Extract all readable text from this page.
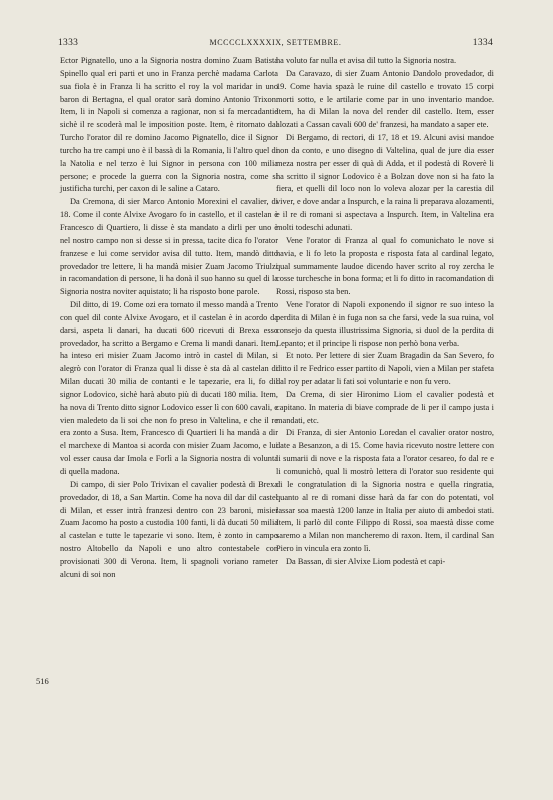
1333	MCCCCLXXXXIX, SETTEMBRE.	1334

Ector Pignatello, uno a la Signoria nostra domino Zuam Batista Spinello qual eri parti et uno in Franza perchè madama Carlota sua fiola è in Franza li ha scritto el roy la vol maridar in uno baron di Bertagna, el qual orator sarà domino Antonio Trixon. Item, li in Napoli si comenza a ragionar, non si fa mercadantie sichè il re scoderà mal le imposition poste. Item, è ritornato dal Turcho l'orator dil re domino Jacomo Pignatello, dice il Signor turcho ha tre campi uno è il bassà di la Romania, li l'altro quel di la Natolia e nel terzo è lui Signor in persona con 100 milia persone; e procede la guerra con la Signoria nostra, come si justificha turchi, per caxon di le saline a Cataro.

Da Cremona, di sier Marco Antonio Morexini el cavalier, di 18. Come il conte Alvixe Avogaro fo in castello, et il castelan è Francesco di Quartiero, li disse è sta mandato a dirli per uno è nel nostro campo non si desse si in pressa, tacite dica fo l'orator franzese e lui come servidor avisa dil tutto. Item, mandò ditto provedador tre lettere, li ha mandà misier Zuam Jacomo Triulzi in racomandation di persone, li ha donà il suo hanno su quel di la Signoria nostra noviter aquistato; li ha risposto bone parole.

Dil ditto, di 19. Come ozi era tornato il messo mandà a Trento con quel dil conte Alvixe Avogaro, et il castelan è in acordo da darsi, aspeta li danari, ha ducati 600 ricevuti di Brexa esso provedador, ha scritto a Bergamo e Crema li mandi danari. Item, ha inteso eri misier Zuam Jacomo intrò in castel di Milan, si alegrò con l'orator di Franza qual li disse è sta dà al castelan di Milan ducati 30 milia de contanti e le tapezarie, era li, fo dil signor Lodovico, sichè harà abuto più di ducati 180 milia. Item, ha nova di Trento ditto signor Lodovico esser lì con 600 cavali, e vien maledeto da li soi che non fo preso in Valtelina, e che il re era zonto a Susa. Item, Francesco di Quartieri li ha mandà a dir el marchexe di Mantoa si acorda con misier Zuam Jacomo, e lui vol esser causa dar Imola e Forlì a la Signoria nostra di volunta di quella madona.

Di campo, di sier Polo Trivixan el cavalier podestà di Brexa provedador, di 18, a San Martin. Come ha nova dil dar dil castel di Milan, et esser intrà franzesi dentro con 23 baroni, misier Zuam Jacomo ha posto a custodia 100 fanti, li dà ducati 50 milia al castelan e tutte le tapezarie vi sono. Item, è zonto in campo nostro Altobello da Napoli e uno altro contestabele con provisionati 300 di Verona. Item, li spagnoli voriano rameter alcuni di soi non

ha voluto far nulla et avisa dil tutto la Signoria nostra.

Da Caravazo, di sier Zuam Antonio Dandolo provedador, di 19. Come havia spazà le ruine dil castello e trovato 15 corpi morti sotto, e le artilarie come par in uno inventario mandoe. Item, ha di Milan la nova del render dil castello. Item, esser alozati a Cassan cavali 600 de' franzesi, ha mandato a saper ete.

Di Bergamo, di rectori, di 17, 18 et 19. Alcuni avisi mandoe non da conto, e uno disegno di Valtelina, qual de jure dia esser meza nostra per esser di quà di Adda, et il podestà di Roverè li ha scritto il signor Lodovico è a Bolzan dove non si ha fato la fiera, et quelli dil loco non lo voleva alozar per la carestia dil viver, e dove andar a Inspurch, e la raina li preparava alozamenti, e il re di romani si aspectava a Inspurch. Item, in Valtelina era molti todeschi adunati.

Vene l'orator di Franza al qual fo comunichato le nove si havia, e li fo leto la proposta e risposta fata al cardinal legato, qual summamente laudoe dicendo haver scrito al roy zercha le cosse turchesche in bona forma; et li fo ditto in racomandation di Rossi, risposo sta ben.

Vene l'orator di Napoli exponendo il signor re suo inteso la perdita di Milan è in fuga non sa che farsi, vede la sua ruina, vol consejo da questa illustrissima Signoria, si duol de la perdita di Lepanto; et il principe li rispose non perhò bona verba.

Et noto. Per lettere di sier Zuam Bragadin da San Severo, fo ditto il re Fedrico esser partito di Napoli, vien a Milan per stafeta dal roy per adatar li fati soi voluntarie e non fu vero.

Da Crema, di sier Hironimo Liom el cavalier podestà et capitano. In materia di biave comprade de li per il campo justa i mandati, etc.

Di Franza, di sier Antonio Loredan el cavalier orator nostro, date a Besanzon, a di 15. Come havia ricevuto nostre lettere con li sumarii di nove e la risposta fata a l'orator cesareo, fo dal re e li comunichò, qual li mostrò lettera di l'orator suo residente qui di le congratulation di la Signoria nostra e quella ringratia, quanto al re di romani disse harà da far con do potentati, vol lassar soa maestà 1200 lanze in Italia per aiuto di ambedoi stati. Item, li parlò dil conte Filippo di Rossi, soa maestà disse come saremo a Milan non mancheremo di raxon. Item, il cardinal San Piero in vincula era zonto lì.

Da Bassan, di sier Alvixe Liom podestà et capi-

516
